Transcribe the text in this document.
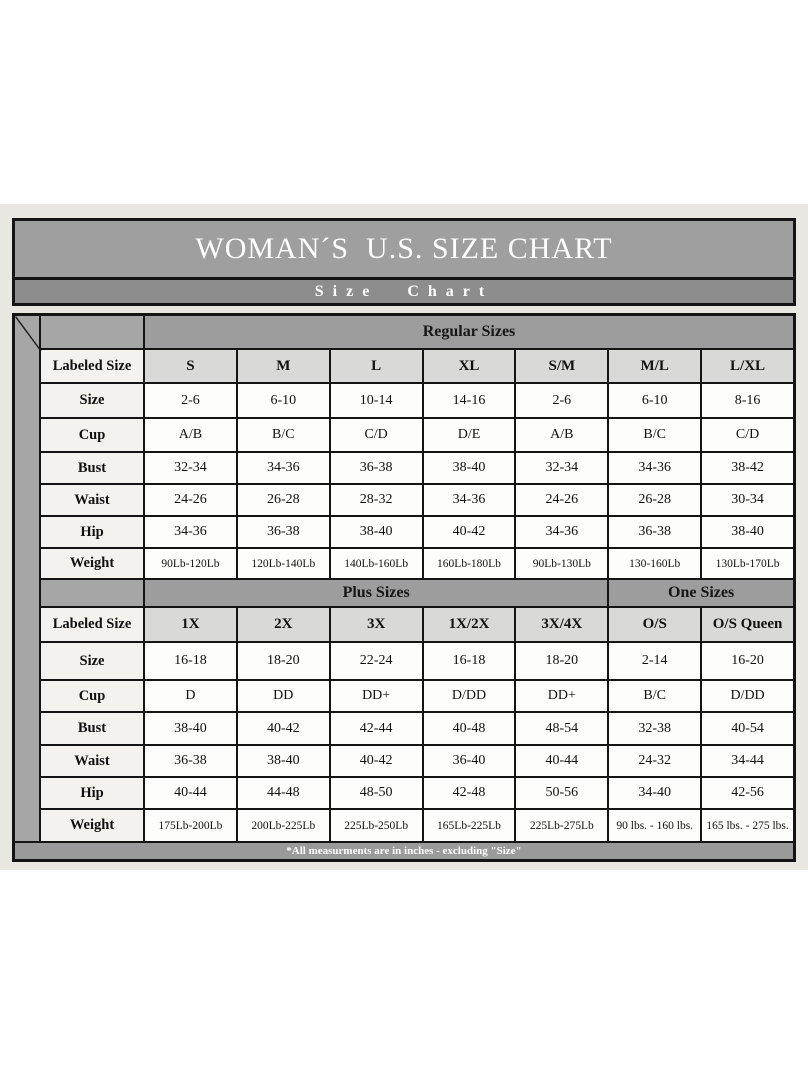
WOMAN´S  U.S. SIZE CHART
Size Chart
Regular Sizes
Labeled Size	S	M	L	XL	S/M	M/L	L/XL
Size	2-6	6-10	10-14	14-16	2-6	6-10	8-16
Cup	A/B	B/C	C/D	D/E	A/B	B/C	C/D
Bust	32-34	34-36	36-38	38-40	32-34	34-36	38-42
Waist	24-26	26-28	28-32	34-36	24-26	26-28	30-34
Hip	34-36	36-38	38-40	40-42	34-36	36-38	38-40
Weight	90Lb-120Lb	120Lb-140Lb	140Lb-160Lb	160Lb-180Lb	90Lb-130Lb	130-160Lb	130Lb-170Lb
Plus Sizes	One Sizes
Labeled Size	1X	2X	3X	1X/2X	3X/4X	O/S	O/S Queen
Size	16-18	18-20	22-24	16-18	18-20	2-14	16-20
Cup	D	DD	DD+	D/DD	DD+	B/C	D/DD
Bust	38-40	40-42	42-44	40-48	48-54	32-38	40-54
Waist	36-38	38-40	40-42	36-40	40-44	24-32	34-44
Hip	40-44	44-48	48-50	42-48	50-56	34-40	42-56
Weight	175Lb-200Lb	200Lb-225Lb	225Lb-250Lb	165Lb-225Lb	225Lb-275Lb	90 lbs. - 160 lbs.	165 lbs. - 275 lbs.
*All measurments are in inches - excluding "Size"
